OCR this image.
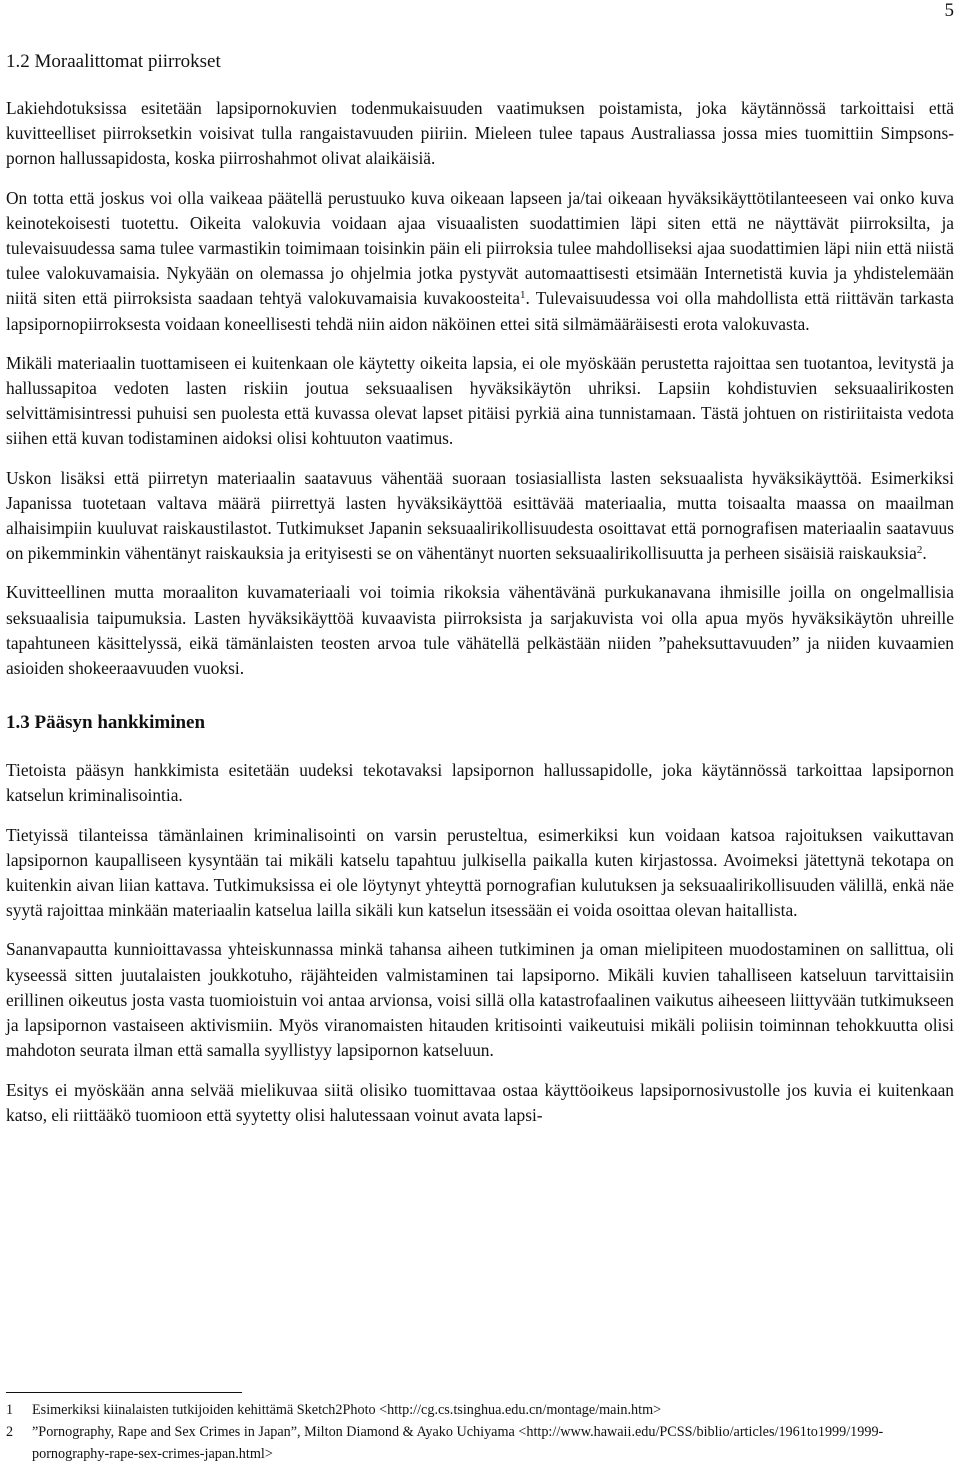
5
1.2 Moraalittomat piirrokset

Lakiehdotuksissa esitetään lapsipornokuvien todenmukaisuuden vaatimuksen poistamista, joka käytännössä tarkoittaisi että kuvitteelliset piirroksetkin voisivat tulla rangaistavuuden piiriin. Mieleen tulee tapaus Australiassa jossa mies tuomittiin Simpsons-pornon hallussapidosta, koska piirroshahmot olivat alaikäisiä.

On totta että joskus voi olla vaikeaa päätellä perustuuko kuva oikeaan lapseen ja/tai oikeaan hyväksikäyttötilanteeseen vai onko kuva keinotekoisesti tuotettu. Oikeita valokuvia voidaan ajaa visuaalisten suodattimien läpi siten että ne näyttävät piirroksilta, ja tulevaisuudessa sama tulee varmastikin toimimaan toisinkin päin eli piirroksia tulee mahdolliseksi ajaa suodattimien läpi niin että niistä tulee valokuvamaisia. Nykyään on olemassa jo ohjelmia jotka pystyvät automaattisesti etsimään Internetistä kuvia ja yhdistelemään niitä siten että piirroksista saadaan tehtyä valokuvamaisia kuvakoosteita$^1$. Tulevaisuudessa voi olla mahdollista että riittävän tarkasta lapsipornopiirroksesta voidaan koneellisesti tehdä niin aidon näköinen ettei sitä silmämääräisesti erota valokuvasta.

Mikäli materiaalin tuottamiseen ei kuitenkaan ole käytetty oikeita lapsia, ei ole myöskään perustetta rajoittaa sen tuotantoa, levitystä ja hallussapitoa vedoten lasten riskiin joutua seksuaalisen hyväksikäytön uhriksi. Lapsiin kohdistuvien seksuaalirikosten selvittämisintressi puhuisi sen puolesta että kuvassa olevat lapset pitäisi pyrkiä aina tunnistamaan. Tästä johtuen on ristiriitaista vedota siihen että kuvan todistaminen aidoksi olisi kohtuuton vaatimus.

Uskon lisäksi että piirretyn materiaalin saatavuus vähentää suoraan tosiasiallista lasten seksuaalista hyväksikäyttöä. Esimerkiksi Japanissa tuotetaan valtava määrä piirrettyä lasten hyväksikäyttöä esittävää materiaalia, mutta toisaalta maassa on maailman alhaisimpiin kuuluvat raiskaustilastot. Tutkimukset Japanin seksuaalirikollisuudesta osoittavat että pornografisen materiaalin saatavuus on pikemminkin vähentänyt raiskauksia ja erityisesti se on vähentänyt nuorten seksuaalirikollisuutta ja perheen sisäisiä raiskauksia$^2$.

Kuvitteellinen mutta moraaliton kuvamateriaali voi toimia rikoksia vähentävänä purkukanavana ihmisille joilla on ongelmallisia seksuaalisia taipumuksia. Lasten hyväksikäyttöä kuvaavista piirroksista ja sarjakuvista voi olla apua myös hyväksikäytön uhreille tapahtuneen käsittelyssä, eikä tämänlaisten teosten arvoa tule vähätellä pelkästään niiden ”paheksuttavuuden” ja niiden kuvaamien asioiden shokeeraavuuden vuoksi.

1.3 Pääsyn hankkiminen

Tietoista pääsyn hankkimista esitetään uudeksi tekotavaksi lapsipornon hallussapidolle, joka käytännössä tarkoittaa lapsipornon katselun kriminalisointia.

Tietyissä tilanteissa tämänlainen kriminalisointi on varsin perusteltua, esimerkiksi kun voidaan katsoa rajoituksen vaikuttavan lapsipornon kaupalliseen kysyntään tai mikäli katselu tapahtuu julkisella paikalla kuten kirjastossa. Avoimeksi jätettynä tekotapa on kuitenkin aivan liian kattava. Tutkimuksissa ei ole löytynyt yhteyttä pornografian kulutuksen ja seksuaalirikollisuuden välillä, enkä näe syytä rajoittaa minkään materiaalin katselua lailla sikäli kun katselun itsessään ei voida osoittaa olevan haitallista.

Sananvapautta kunnioittavassa yhteiskunnassa minkä tahansa aiheen tutkiminen ja oman mielipiteen muodostaminen on sallittua, oli kyseessä sitten juutalaisten joukkotuho, räjähteiden valmistaminen tai lapsiporno. Mikäli kuvien tahalliseen katseluun tarvittaisiin erillinen oikeutus josta vasta tuomioistuin voi antaa arvionsa, voisi sillä olla katastrofaalinen vaikutus aiheeseen liittyvään tutkimukseen ja lapsipornon vastaiseen aktivismiin. Myös viranomaisten hitauden kritisointi vaikeutuisi mikäli poliisin toiminnan tehokkuutta olisi mahdoton seurata ilman että samalla syyllistyy lapsipornon katseluun.

Esitys ei myöskään anna selvää mielikuvaa siitä olisiko tuomittavaa ostaa käyttöoikeus lapsipornosivustolle jos kuvia ei kuitenkaan katso, eli riittääkö tuomioon että syytetty olisi halutessaan voinut avata lapsi-

1	Esimerkiksi kiinalaisten tutkijoiden kehittämä Sketch2Photo <http://cg.cs.tsinghua.edu.cn/montage/main.htm>
2	”Pornography, Rape and Sex Crimes in Japan”, Milton Diamond & Ayako Uchiyama <http://www.hawaii.edu/PCSS/biblio/articles/1961to1999/1999-pornography-rape-sex-crimes-japan.html>
